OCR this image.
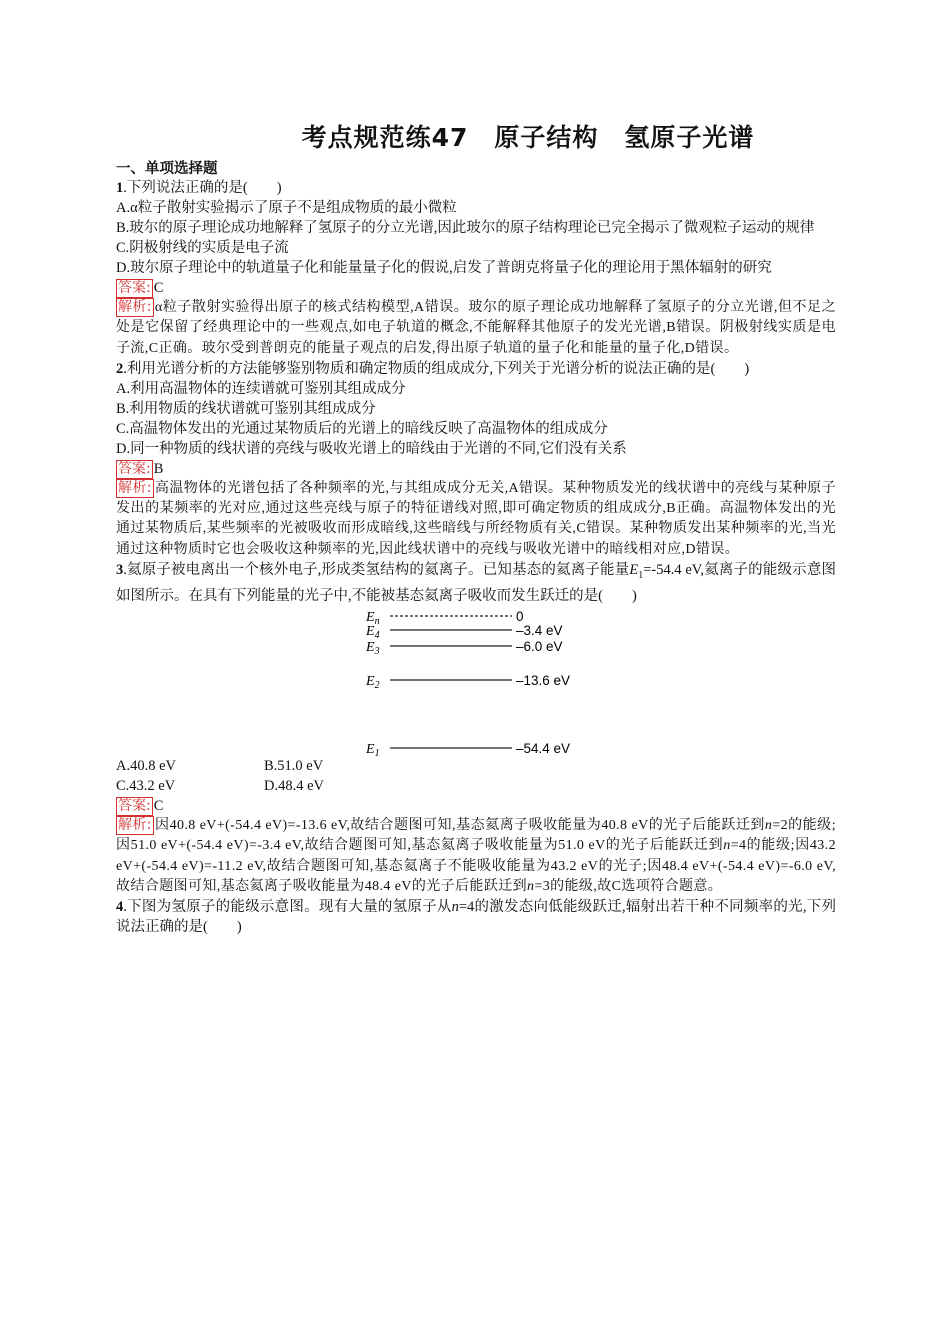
考点规范练47　原子结构　氢原子光谱
一、单项选择题

1.下列说法正确的是(　　)

A.α粒子散射实验揭示了原子不是组成物质的最小微粒

B.玻尔的原子理论成功地解释了氢原子的分立光谱,因此玻尔的原子结构理论已完全揭示了微观粒子运动的规律

C.阴极射线的实质是电子流

D.玻尔原子理论中的轨道量子化和能量量子化的假说,启发了普朗克将量子化的理论用于黑体辐射的研究

答案: C

解析: α粒子散射实验得出原子的核式结构模型,A错误。玻尔的原子理论成功地解释了氢原子的分立光谱,但不足之处是它保留了经典理论中的一些观点,如电子轨道的概念,不能解释其他原子的发光光谱,B错误。阴极射线实质是电子流,C正确。玻尔受到普朗克的能量子观点的启发,得出原子轨道的量子化和能量的量子化,D错误。

2.利用光谱分析的方法能够鉴别物质和确定物质的组成成分,下列关于光谱分析的说法正确的是(　　)

A.利用高温物体的连续谱就可鉴别其组成成分

B.利用物质的线状谱就可鉴别其组成成分

C.高温物体发出的光通过某物质后的光谱上的暗线反映了高温物体的组成成分

D.同一种物质的线状谱的亮线与吸收光谱上的暗线由于光谱的不同,它们没有关系

答案: B

解析: 高温物体的光谱包括了各种频率的光,与其组成成分无关,A错误。某种物质发光的线状谱中的亮线与某种原子发出的某频率的光对应,通过这些亮线与原子的特征谱线对照,即可确定物质的组成成分,B正确。高温物体发出的光通过某物质后,某些频率的光被吸收而形成暗线,这些暗线与所经物质有关,C错误。某种物质发出某种频率的光,当光通过这种物质时它也会吸收这种频率的光,因此线状谱中的亮线与吸收光谱中的暗线相对应,D错误。

3.氦原子被电离出一个核外电子,形成类氢结构的氦离子。已知基态的氦离子能量$E_1=-54.4$ eV,氦离子的能级示意图如图所示。在具有下列能量的光子中,不能被基态氦离子吸收而发生跃迁的是(　　)

$E_n$	0
$E_4$	–3.4 eV
$E_3$	–6.0 eV
$E_2$	–13.6 eV
$E_1$	–54.4 eV
A.40.8 eV	B.51.0 eV
C.43.2 eV	D.48.4 eV

答案: C

解析: 因40.8 eV+(-54.4 eV)=-13.6 eV,故结合题图可知,基态氦离子吸收能量为40.8 eV的光子后能跃迁到n=2的能级;因51.0 eV+(-54.4 eV)=-3.4 eV,故结合题图可知,基态氦离子吸收能量为51.0 eV的光子后能跃迁到n=4的能级;因43.2 eV+(-54.4 eV)=-11.2 eV,故结合题图可知,基态氦离子不能吸收能量为43.2 eV的光子;因48.4 eV+(-54.4 eV)=-6.0 eV,故结合题图可知,基态氦离子吸收能量为48.4 eV的光子后能跃迁到n=3的能级,故C选项符合题意。

4.下图为氢原子的能级示意图。现有大量的氢原子从n=4的激发态向低能级跃迁,辐射出若干种不同频率的光,下列说法正确的是(　　)
